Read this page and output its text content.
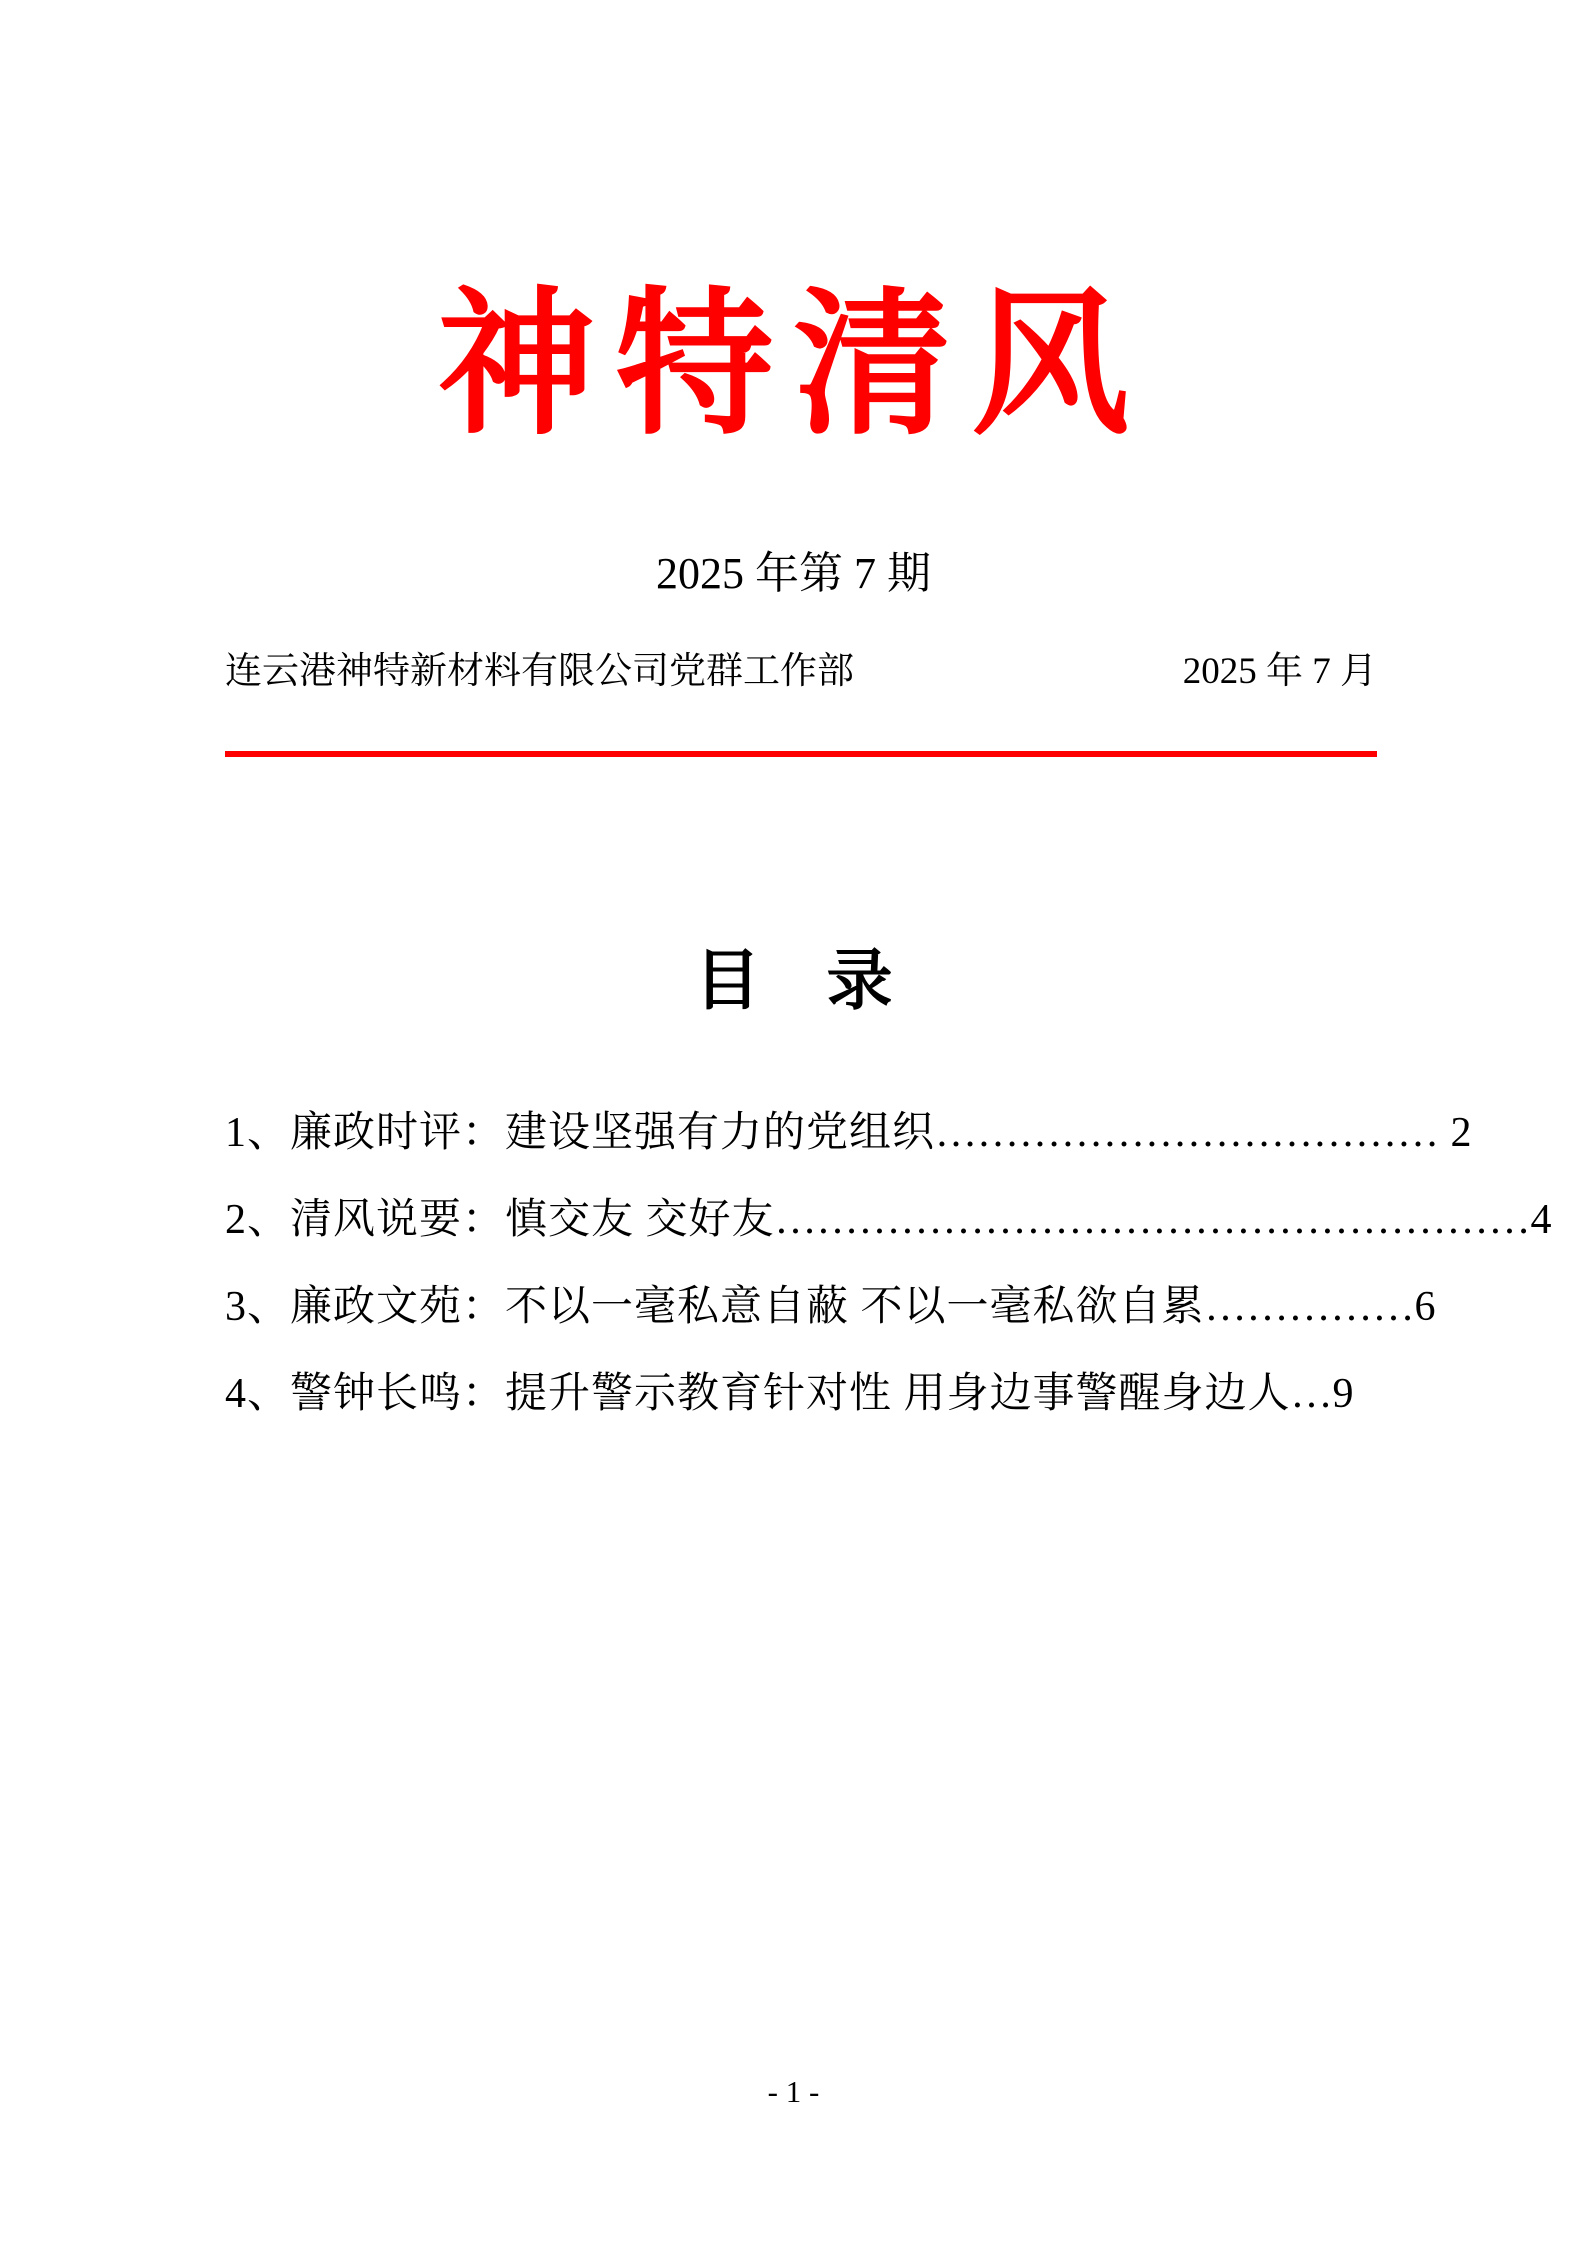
神特清风
2025 年第 7 期
连云港神特新材料有限公司党群工作部	2025 年 7 月
目　录
1、廉政时评：建设坚强有力的党组织……………………………… 2
2、清风说要：慎交友 交好友………………………………………………4
3、廉政文苑：不以一毫私意自蔽 不以一毫私欲自累……………6
4、警钟长鸣：提升警示教育针对性 用身边事警醒身边人…9
- 1 -
